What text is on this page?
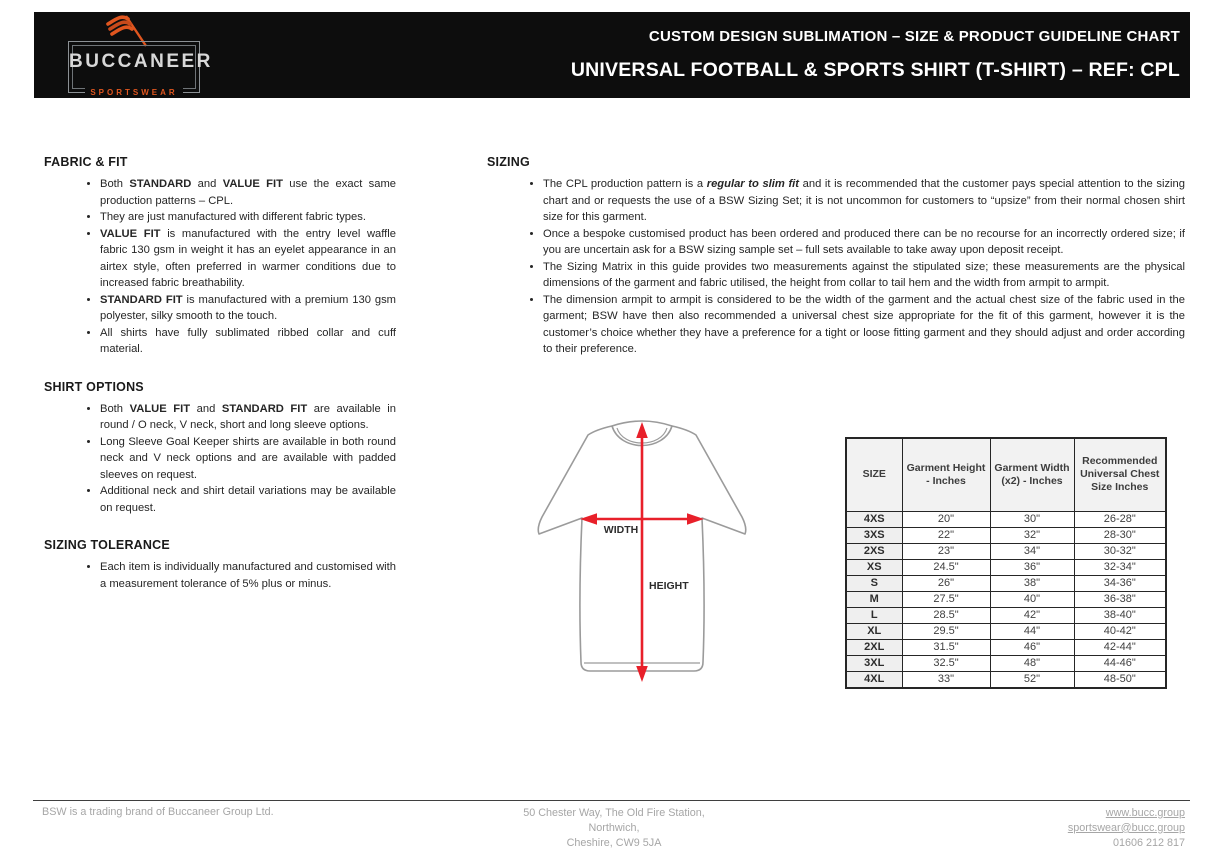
BUCCANEER
SPORTSWEAR
CUSTOM DESIGN SUBLIMATION – SIZE & PRODUCT GUIDELINE CHART
UNIVERSAL FOOTBALL & SPORTS SHIRT (T-SHIRT) – REF: CPL
FABRIC & FIT
• Both STANDARD and VALUE FIT use the exact same production patterns – CPL.
• They are just manufactured with different fabric types.
• VALUE FIT is manufactured with the entry level waffle fabric 130 gsm in weight it has an eyelet appearance in an airtex style, often preferred in warmer conditions due to increased fabric breathability.
• STANDARD FIT is manufactured with a premium 130 gsm polyester, silky smooth to the touch.
• All shirts have fully sublimated ribbed collar and cuff material.
SHIRT OPTIONS
• Both VALUE FIT and STANDARD FIT are available in round / O neck, V neck, short and long sleeve options.
• Long Sleeve Goal Keeper shirts are available in both round neck and V neck options and are available with padded sleeves on request.
• Additional neck and shirt detail variations may be available on request.
SIZING TOLERANCE
• Each item is individually manufactured and customised with a measurement tolerance of 5% plus or minus.
SIZING
• The CPL production pattern is a regular to slim fit and it is recommended that the customer pays special attention to the sizing chart and or requests the use of a BSW Sizing Set; it is not uncommon for customers to “upsize” from their normal chosen shirt size for this garment.
• Once a bespoke customised product has been ordered and produced there can be no recourse for an incorrectly ordered size; if you are uncertain ask for a BSW sizing sample set – full sets available to take away upon deposit receipt.
• The Sizing Matrix in this guide provides two measurements against the stipulated size; these measurements are the physical dimensions of the garment and fabric utilised, the height from collar to tail hem and the width from armpit to armpit.
• The dimension armpit to armpit is considered to be the width of the garment and the actual chest size of the fabric used in the garment; BSW have then also recommended a universal chest size appropriate for the fit of this garment, however it is the customer’s choice whether they have a preference for a tight or loose fitting garment and they should adjust and order according to their preference.
WIDTH
HEIGHT
SIZE	Garment Height - Inches	Garment Width (x2) - Inches	Recommended Universal Chest Size Inches
4XS	20"	30"	26-28"
3XS	22"	32"	28-30"
2XS	23"	34"	30-32"
XS	24.5"	36"	32-34"
S	26"	38"	34-36"
M	27.5"	40"	36-38"
L	28.5"	42"	38-40"
XL	29.5"	44"	40-42"
2XL	31.5"	46"	42-44"
3XL	32.5"	48"	44-46"
4XL	33"	52"	48-50"
BSW is a trading brand of Buccaneer Group Ltd.	50 Chester Way, The Old Fire Station,
Northwich,
Cheshire, CW9 5JA
www.bucc.group
sportswear@bucc.group
01606 212 817
